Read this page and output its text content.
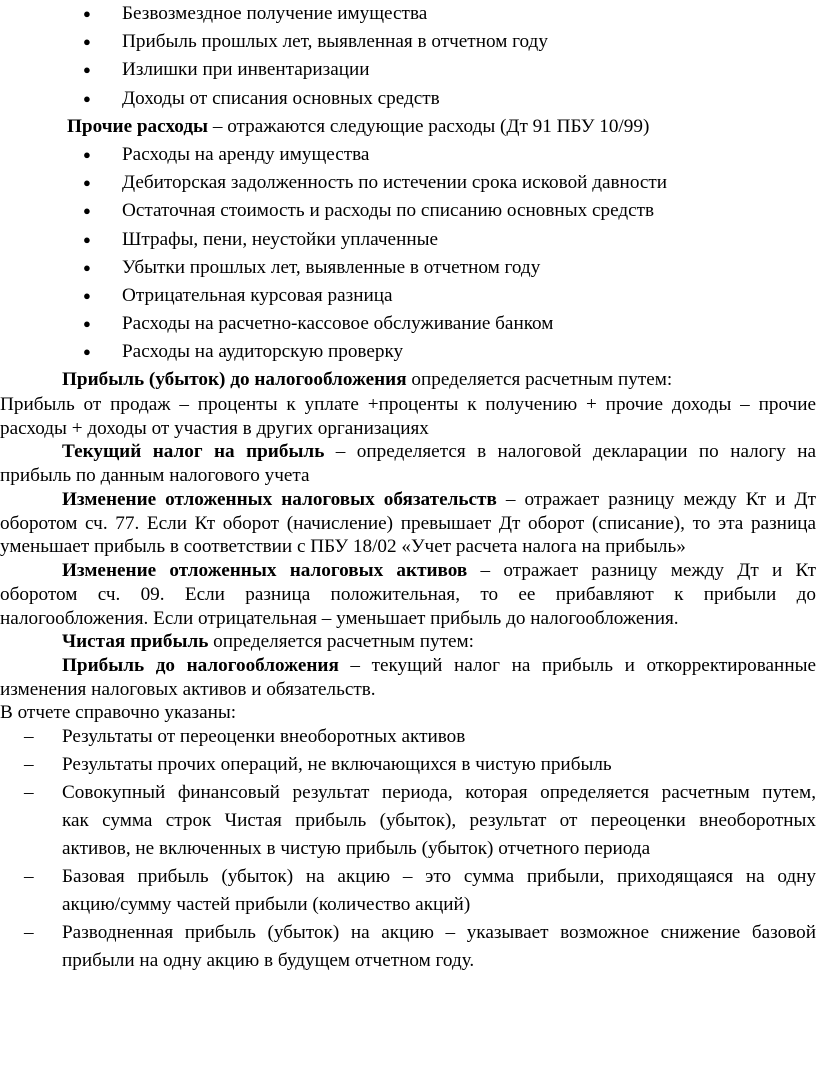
● Безвозмездное получение имущества
● Прибыль прошлых лет, выявленная в отчетном году
● Излишки при инвентаризации
● Доходы от списания основных средств
Прочие расходы – отражаются следующие расходы (Дт 91 ПБУ 10/99)
● Расходы на аренду имущества
● Дебиторская задолженность по истечении срока исковой давности
● Остаточная стоимость и расходы по списанию основных средств
● Штрафы, пени, неустойки уплаченные
● Убытки прошлых лет, выявленные в отчетном году
● Отрицательная курсовая разница
● Расходы на расчетно-кассовое обслуживание банком
● Расходы на аудиторскую проверку
Прибыль (убыток) до налогообложения определяется расчетным путем:
Прибыль от продаж – проценты к уплате +проценты к получению + прочие доходы – прочие
расходы + доходы от участия в других организациях
Текущий налог на прибыль – определяется в налоговой декларации по налогу на
прибыль по данным налогового учета
Изменение отложенных налоговых обязательств – отражает разницу между Кт и Дт
оборотом сч. 77. Если Кт оборот (начисление) превышает Дт оборот (списание), то эта разница
уменьшает прибыль в соответствии с ПБУ 18/02 «Учет расчета налога на прибыль»
Изменение отложенных налоговых активов – отражает разницу между Дт и Кт
оборотом сч. 09. Если разница положительная, то ее прибавляют к прибыли до
налогообложения. Если отрицательная – уменьшает прибыль до налогообложения.
Чистая прибыль определяется расчетным путем:
Прибыль до налогообложения – текущий налог на прибыль и откорректированные
изменения налоговых активов и обязательств.
В отчете справочно указаны:
– Результаты от переоценки внеоборотных активов
– Результаты прочих операций, не включающихся в чистую прибыль
– Совокупный финансовый результат периода, которая определяется расчетным путем,
как сумма строк Чистая прибыль (убыток), результат от переоценки внеоборотных
активов, не включенных в чистую прибыль (убыток) отчетного периода
– Базовая прибыль (убыток) на акцию – это сумма прибыли, приходящаяся на одну
акцию/сумму частей прибыли (количество акций)
– Разводненная прибыль (убыток) на акцию – указывает возможное снижение базовой
прибыли на одну акцию в будущем отчетном году.
